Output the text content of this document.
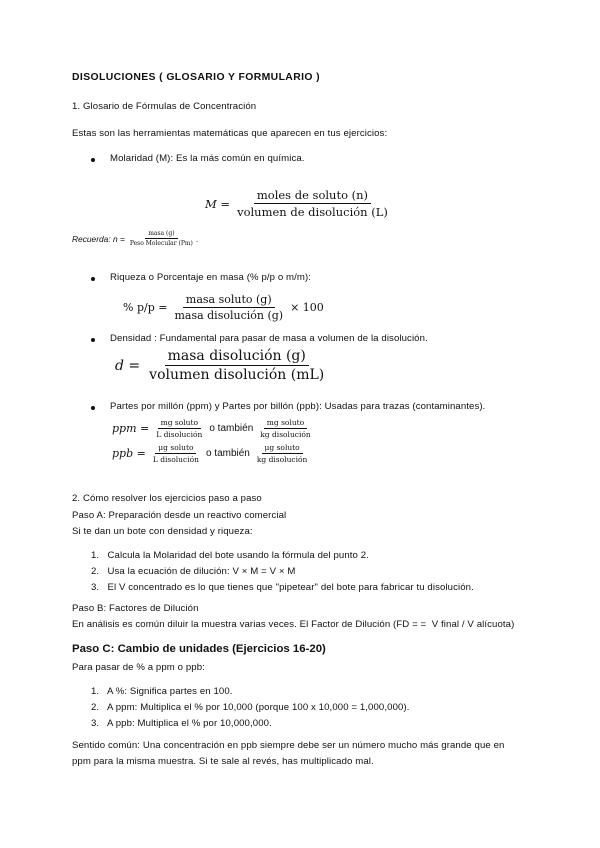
DISOLUCIONES ( GLOSARIO Y FORMULARIO )
1. Glosario de Fórmulas de Concentración
Estas son las herramientas matemáticas que aparecen en tus ejercicios:
Molaridad (M): Es la más común en química.
$M = \frac{\text{moles de soluto (n)}}{\text{volumen de disolución (L)}}$
Recuerda: $n = \frac{\text{masa (g)}}{\text{Peso Molecular (Pm)}}$ .
Riqueza o Porcentaje en masa (% p/p o m/m):
% $p/p = \frac{\text{masa soluto (g)}}{\text{masa disolución (g)}} \times 100$
Densidad : Fundamental para pasar de masa a volumen de la disolución.
$d = \frac{\text{masa disolución (g)}}{\text{volumen disolución (mL)}}$
Partes por millón (ppm) y Partes por billón (ppb): Usadas para trazas (contaminantes).
ppm = $\frac{\text{mg soluto}}{\text{L disolución}}$ o también $\frac{\text{mg soluto}}{\text{kg disolución}}$
ppb = $\frac{\text{μg soluto}}{\text{L disolución}}$ o también $\frac{\text{μg soluto}}{\text{kg disolución}}$
2. Cómo resolver los ejercicios paso a paso
Paso A: Preparación desde un reactivo comercial
Si te dan un bote con densidad y riqueza:
1.   Calcula la Molaridad del bote usando la fórmula del punto 2.
2.   Usa la ecuación de dilución: V × M = V × M
3.   El V concentrado es lo que tienes que "pipetear" del bote para fabricar tu disolución.
Paso B: Factores de Dilución
En análisis es común diluir la muestra varias veces. El Factor de Dilución (FD = =  V final / V alícuota)
Paso C: Cambio de unidades (Ejercicios 16-20)
Para pasar de % a ppm o ppb:
1.   A %: Significa partes en 100.
2.   A ppm: Multiplica el % por 10,000 (porque 100 x 10,000 = 1,000,000).
3.   A ppb: Multiplica el % por 10,000,000.
Sentido común: Una concentración en ppb siempre debe ser un número mucho más grande que en
ppm para la misma muestra. Si te sale al revés, has multiplicado mal.
